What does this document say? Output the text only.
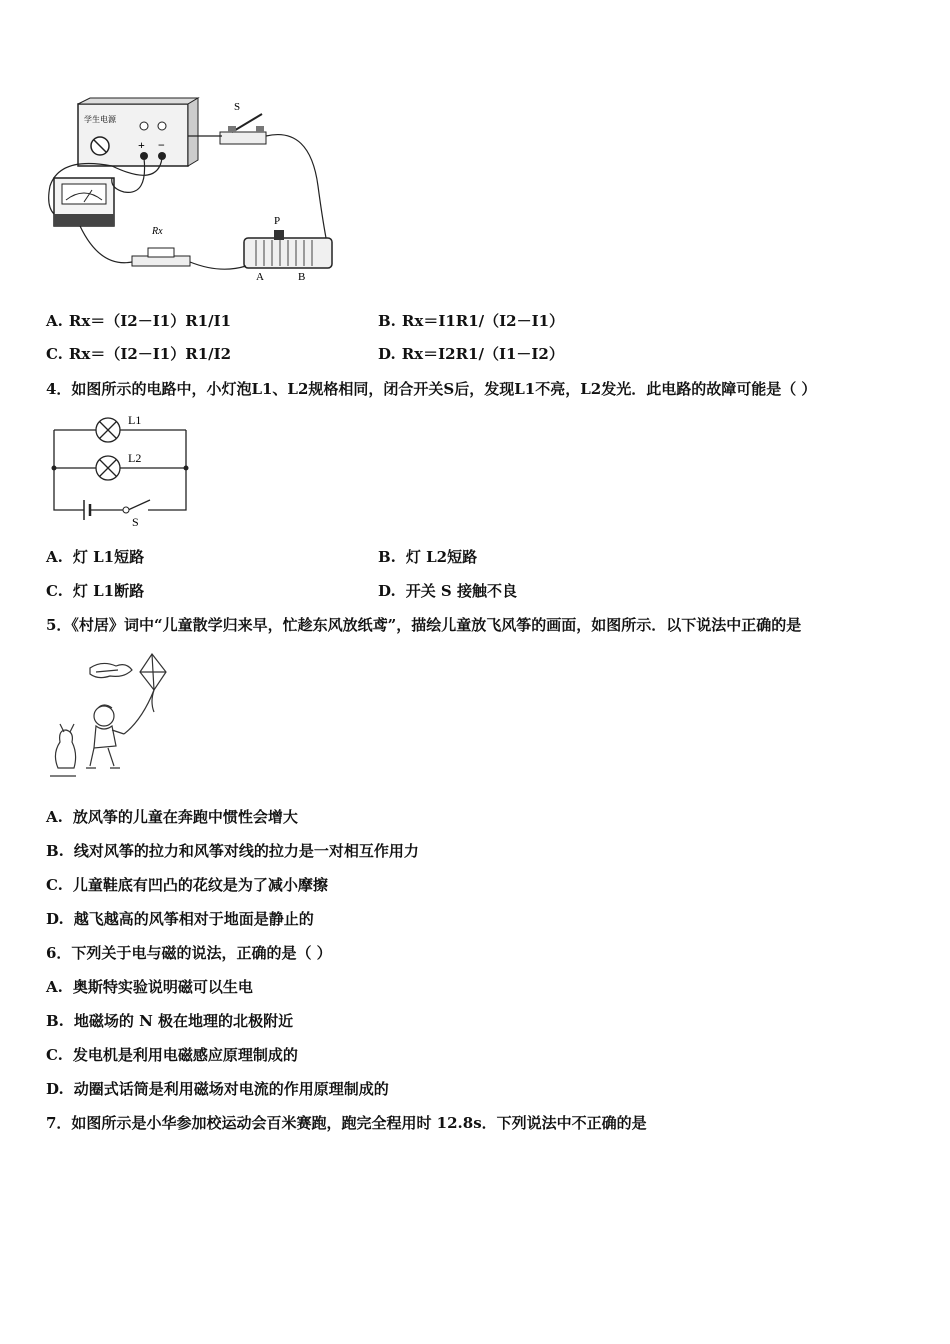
学生电源
+ −
S
Rx
P
A	B
A. Rx＝（I2－I1）R1/I1	B. Rx＝I1R1/（I2－I1）
C. Rx＝（I2－I1）R1/I2	D. Rx＝I2R1/（I1－I2）
4．如图所示的电路中，小灯泡L1、L2规格相同，闭合开关S后，发现L1不亮，L2发光．此电路的故障可能是（ ）
L1
L2
S
A. 灯 L1短路	B. 灯 L2短路
C. 灯 L1断路	D. 开关 S 接触不良
5．《村居》词中“儿童散学归来早，忙趁东风放纸鸢”，描绘儿童放飞风筝的画面，如图所示．以下说法中正确的是
A. 放风筝的儿童在奔跑中惯性会增大
B. 线对风筝的拉力和风筝对线的拉力是一对相互作用力
C. 儿童鞋底有凹凸的花纹是为了减小摩擦
D. 越飞越高的风筝相对于地面是静止的
6．下列关于电与磁的说法，正确的是（ ）
A. 奥斯特实验说明磁可以生电
B. 地磁场的 N 极在地理的北极附近
C. 发电机是利用电磁感应原理制成的
D. 动圈式话筒是利用磁场对电流的作用原理制成的
7．如图所示是小华参加校运动会百米赛跑，跑完全程用时 12.8s．下列说法中不正确的是
